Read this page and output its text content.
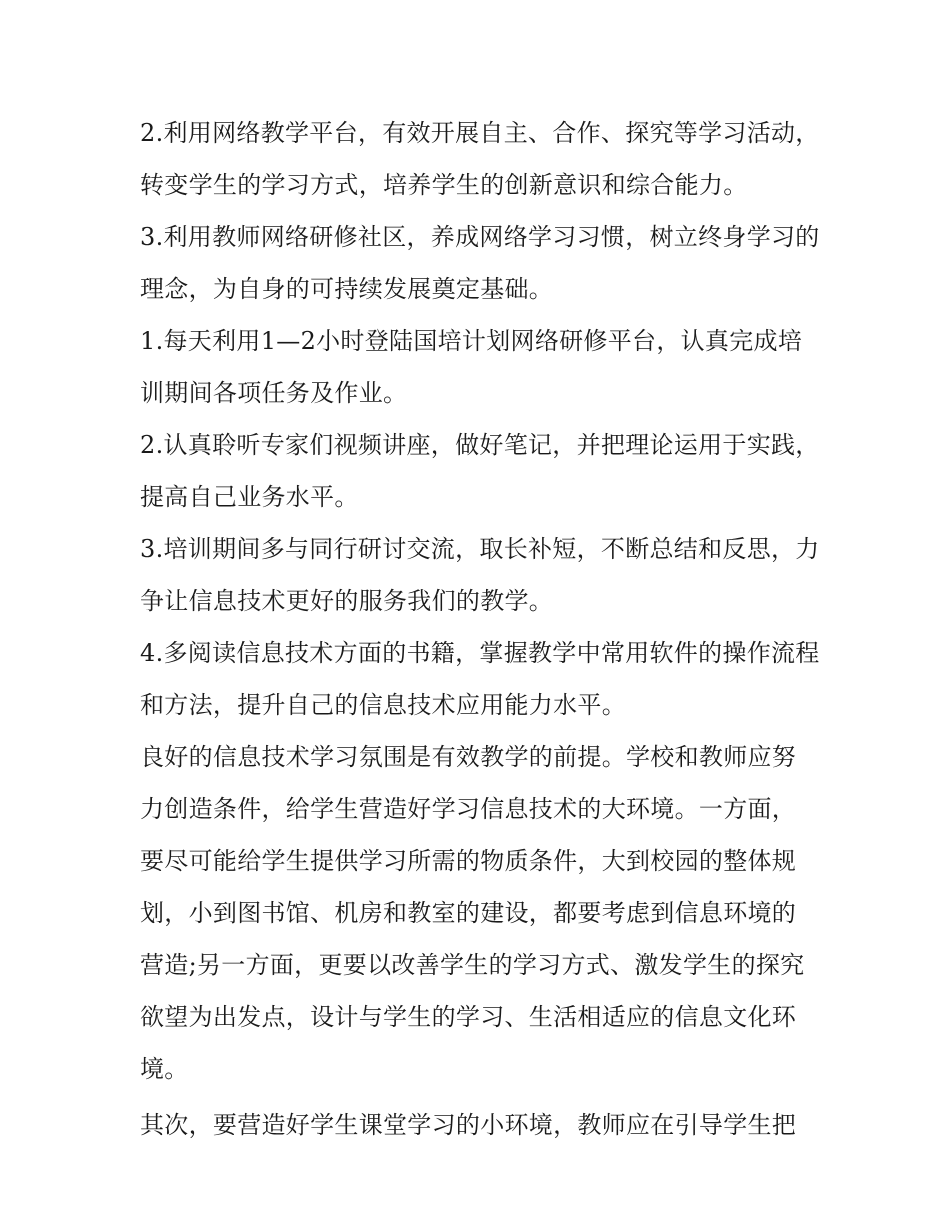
2.利用网络教学平台，有效开展自主、合作、探究等学习活动，转变学生的学习方式，培养学生的创新意识和综合能力。

3.利用教师网络研修社区，养成网络学习习惯，树立终身学习的理念，为自身的可持续发展奠定基础。

1.每天利用1—2小时登陆国培计划网络研修平台，认真完成培训期间各项任务及作业。

2.认真聆听专家们视频讲座，做好笔记，并把理论运用于实践，提高自己业务水平。

3.培训期间多与同行研讨交流，取长补短，不断总结和反思，力争让信息技术更好的服务我们的教学。

4.多阅读信息技术方面的书籍，掌握教学中常用软件的操作流程和方法，提升自己的信息技术应用能力水平。

良好的信息技术学习氛围是有效教学的前提。学校和教师应努力创造条件，给学生营造好学习信息技术的大环境。一方面，要尽可能给学生提供学习所需的物质条件，大到校园的整体规划，小到图书馆、机房和教室的建设，都要考虑到信息环境的营造;另一方面，更要以改善学生的学习方式、激发学生的探究欲望为出发点，设计与学生的学习、生活相适应的信息文化环境。

其次，要营造好学生课堂学习的小环境，教师应在引导学生把
